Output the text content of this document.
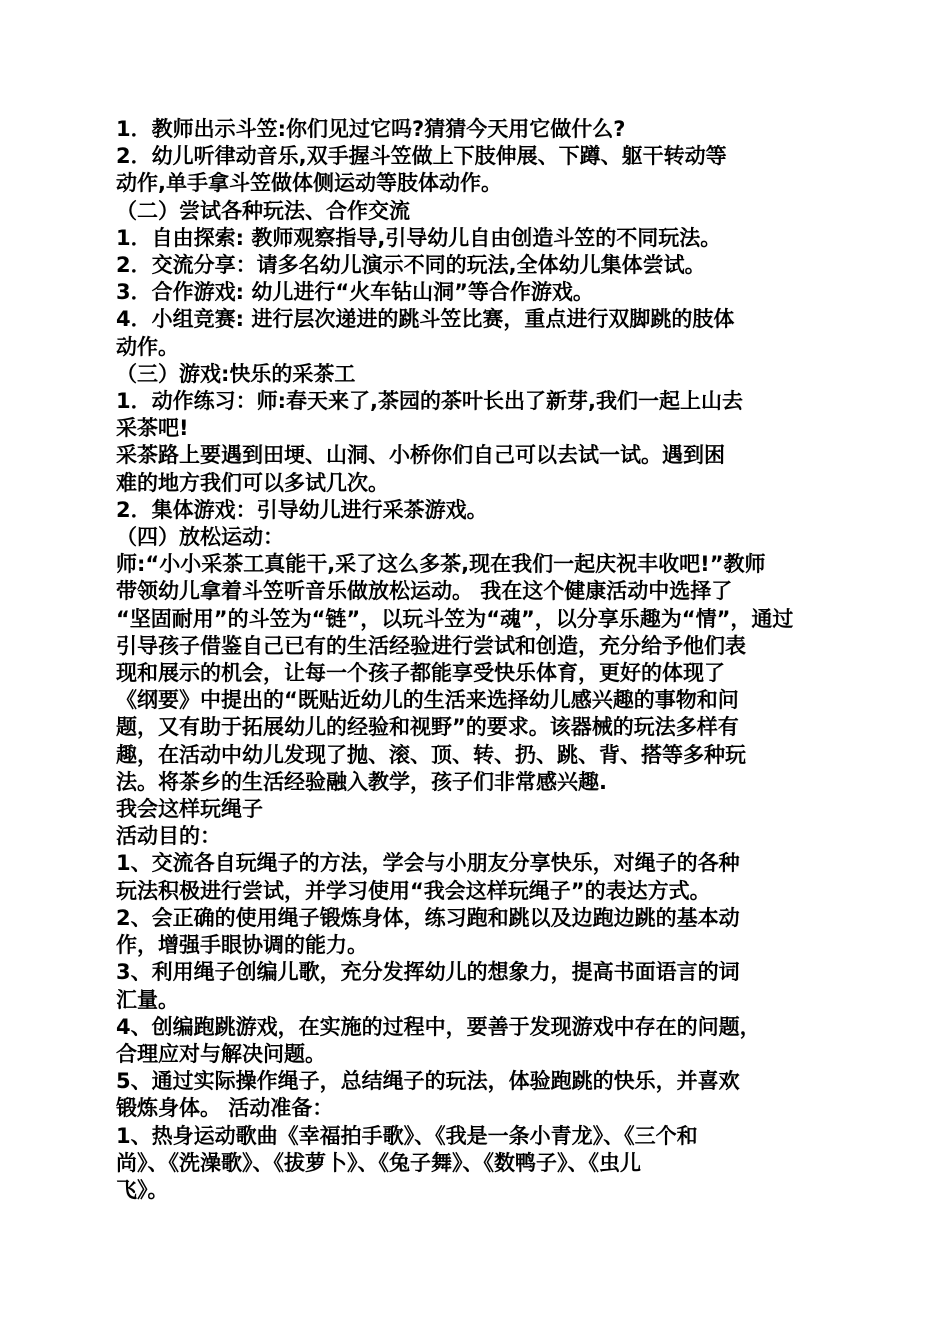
1．教师出示斗笠:你们见过它吗?猜猜今天用它做什么?

2．幼儿听律动音乐,双手握斗笠做上下肢伸展、下蹲、躯干转动等

动作,单手拿斗笠做体侧运动等肢体动作。

（二）尝试各种玩法、合作交流

1．自由探索: 教师观察指导,引导幼儿自由创造斗笠的不同玩法。

2．交流分享：请多名幼儿演示不同的玩法,全体幼儿集体尝试。

3．合作游戏: 幼儿进行“火车钻山洞”等合作游戏。

4．小组竞赛: 进行层次递进的跳斗笠比赛，重点进行双脚跳的肢体

动作。

（三）游戏:快乐的采茶工

1．动作练习：师:春天来了,茶园的茶叶长出了新芽,我们一起上山去

采茶吧!

采茶路上要遇到田埂、山洞、小桥你们自己可以去试一试。遇到困

难的地方我们可以多试几次。

2．集体游戏：引导幼儿进行采茶游戏。

（四）放松运动：

师:“小小采茶工真能干,采了这么多茶,现在我们一起庆祝丰收吧!”教师

带领幼儿拿着斗笠听音乐做放松运动。 我在这个健康活动中选择了

“坚固耐用”的斗笠为“链”，以玩斗笠为“魂”，以分享乐趣为“情”，通过

引导孩子借鉴自己已有的生活经验进行尝试和创造，充分给予他们表

现和展示的机会，让每一个孩子都能享受快乐体育，更好的体现了

《纲要》中提出的“既贴近幼儿的生活来选择幼儿感兴趣的事物和问

题，又有助于拓展幼儿的经验和视野”的要求。该器械的玩法多样有

趣，在活动中幼儿发现了抛、滚、顶、转、扔、跳、背、搭等多种玩

法。将茶乡的生活经验融入教学，孩子们非常感兴趣.

我会这样玩绳子

活动目的：

1、交流各自玩绳子的方法，学会与小朋友分享快乐，对绳子的各种

玩法积极进行尝试，并学习使用“我会这样玩绳子”的表达方式。

2、会正确的使用绳子锻炼身体，练习跑和跳以及边跑边跳的基本动

作，增强手眼协调的能力。

3、利用绳子创编儿歌，充分发挥幼儿的想象力，提高书面语言的词

汇量。

4、创编跑跳游戏，在实施的过程中，要善于发现游戏中存在的问题，

合理应对与解决问题。

5、通过实际操作绳子，总结绳子的玩法，体验跑跳的快乐，并喜欢

锻炼身体。 活动准备：

1、热身运动歌曲《幸福拍手歌》、《我是一条小青龙》、《三个和

尚》、《洗澡歌》、《拔萝卜》、《兔子舞》、《数鸭子》、《虫儿

飞》。
